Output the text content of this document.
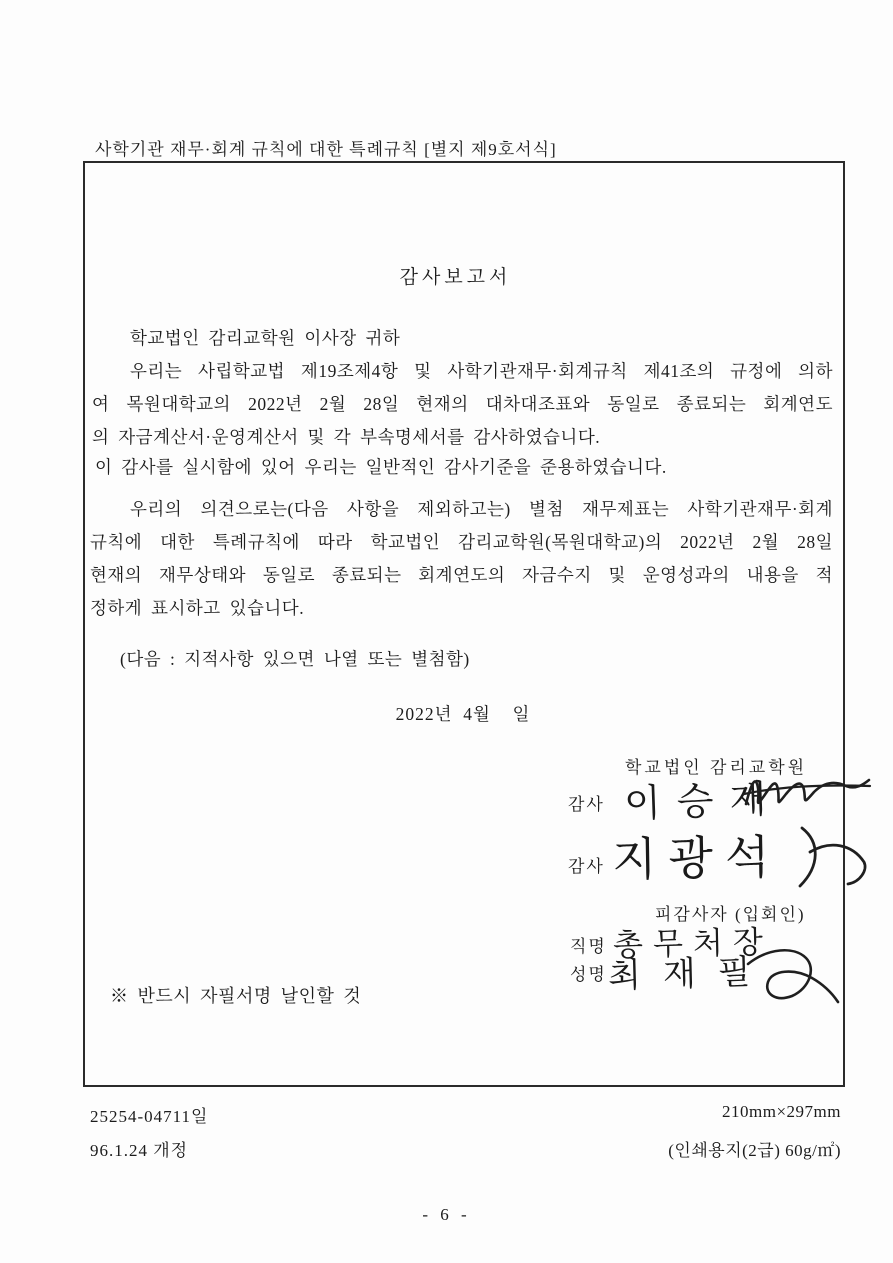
사학기관 재무·회계 규칙에 대한 특례규칙 [별지 제9호서식]
감사보고서
학교법인 감리교학원 이사장 귀하
우리는 사립학교법 제19조제4항 및 사학기관재무·회계규칙 제41조의 규정에 의하
여 목원대학교의 2022년 2월 28일 현재의 대차대조표와 동일로 종료되는 회계연도
의 자금계산서·운영계산서 및 각 부속명세서를 감사하였습니다.
이 감사를 실시함에 있어 우리는 일반적인 감사기준을 준용하였습니다.
우리의 의견으로는(다음 사항을 제외하고는) 별첨 재무제표는 사학기관재무·회계
규칙에 대한 특례규칙에 따라 학교법인 감리교학원(목원대학교)의 2022년 2월 28일
현재의 재무상태와 동일로 종료되는 회계연도의 자금수지 및 운영성과의 내용을 적
정하게 표시하고 있습니다.
(다음 : 지적사항 있으면 나열 또는 별첨함)
2022년  4월    일
학교법인 감리교학원
감사 이승재
감사 지광석
피감사자 (입회인)
직명 총무처장
성명 최재필
※ 반드시 자필서명 날인할 것
25254-04711일
96.1.24 개정
210mm×297mm
(인쇄용지(2급) 60g/㎡)
- 6 -
